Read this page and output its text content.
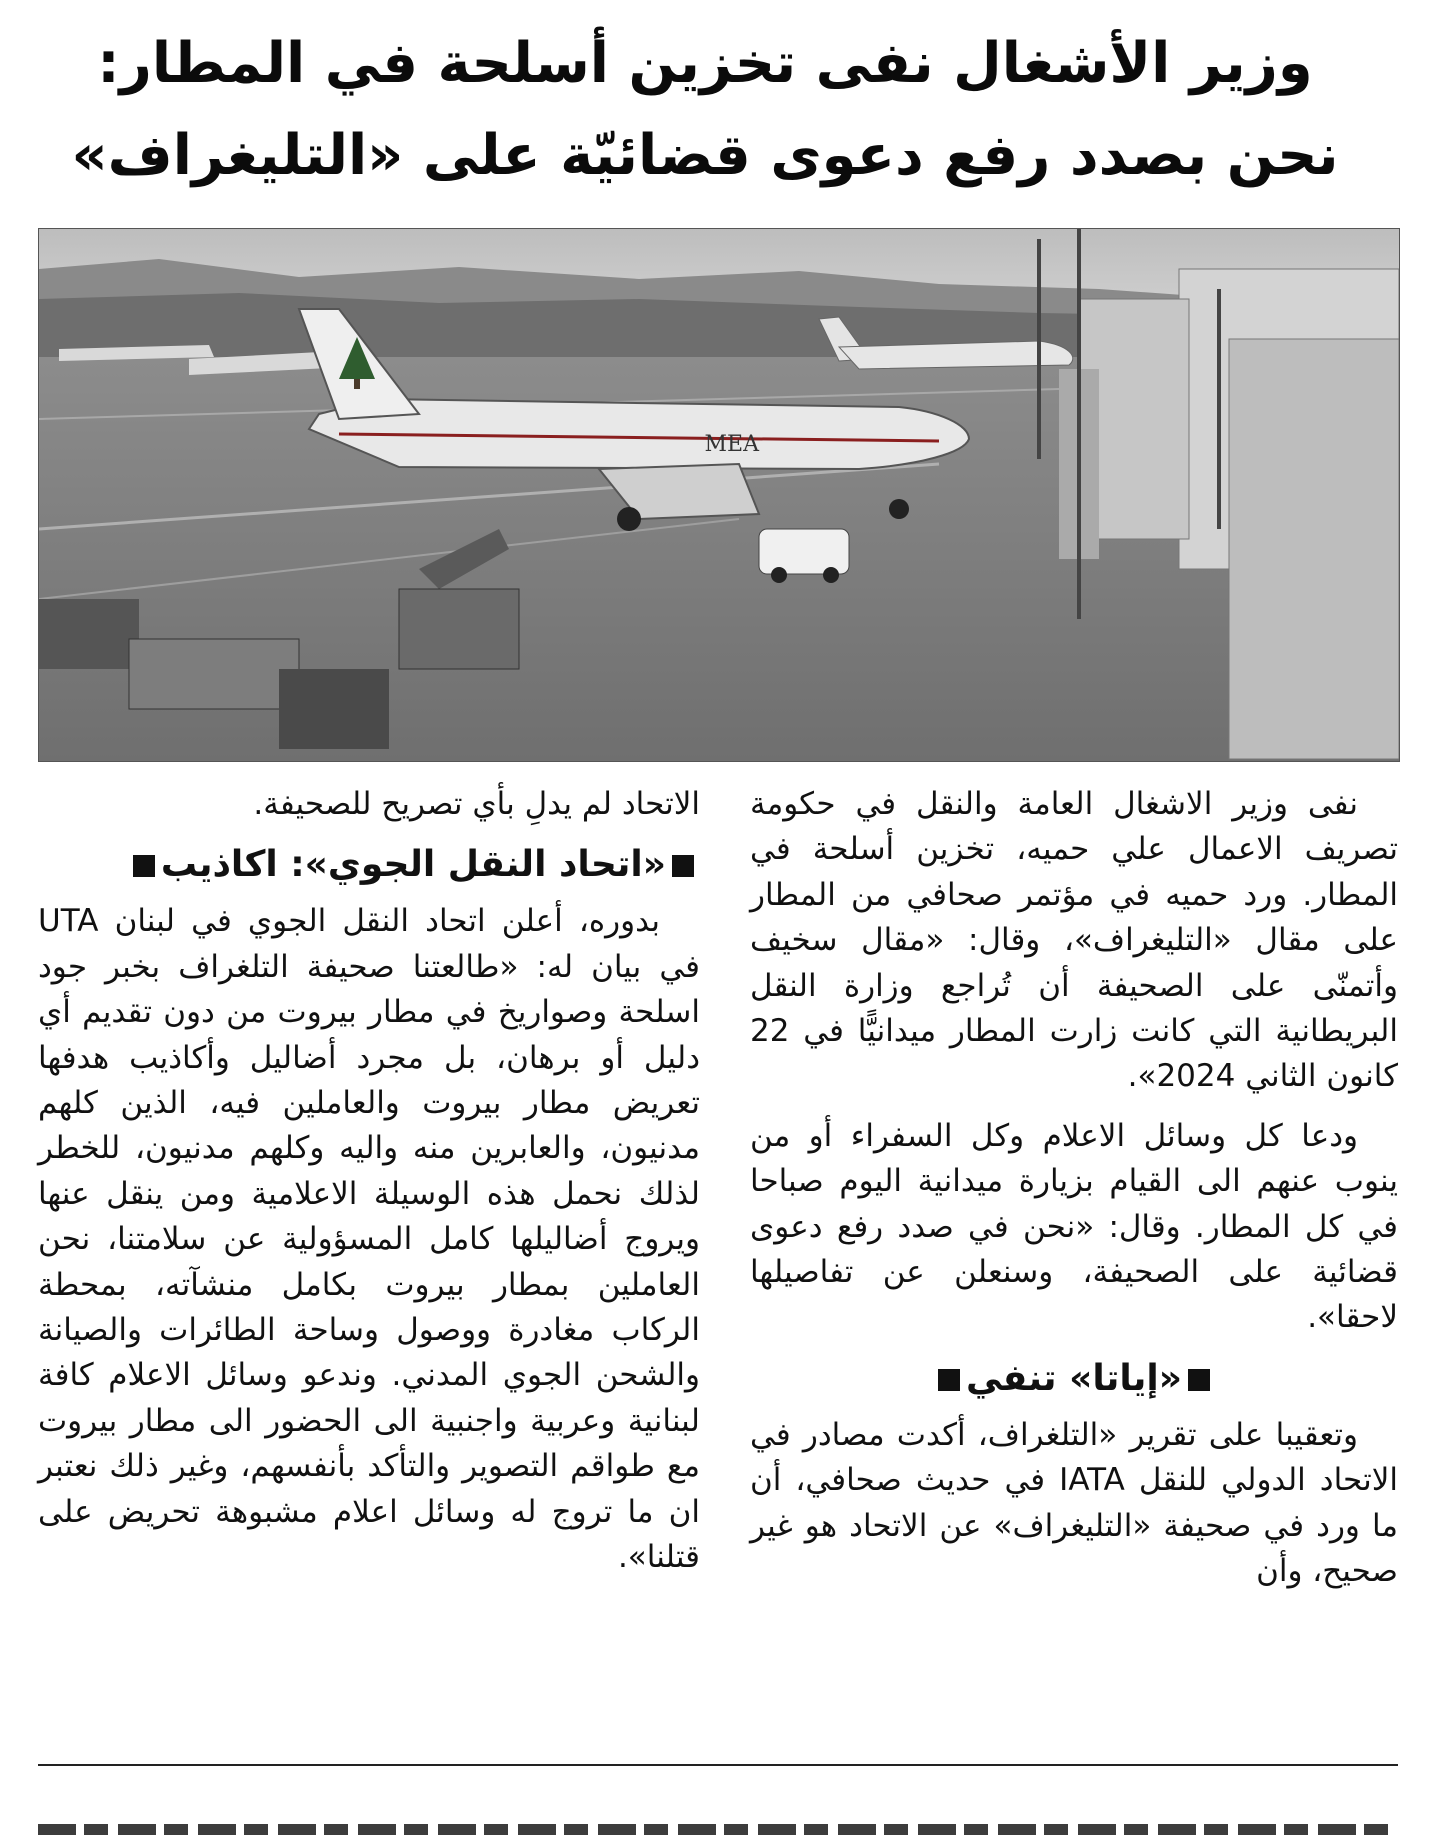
وزير الأشغال نفى تخزين أسلحة في المطار:
نحن بصدد رفع دعوى قضائيّة على «التليغراف»
MEA

نفى وزير الاشغال العامة والنقل في حكومة تصريف الاعمال علي حميه، تخزين أسلحة في المطار. ورد حميه في مؤتمر صحافي من المطار على مقال «التليغراف»، وقال: «مقال سخيف وأتمنّى على الصحيفة أن تُراجع وزارة النقل البريطانية التي كانت زارت المطار ميدانيًّا في 22 كانون الثاني 2024».

ودعا كل وسائل الاعلام وكل السفراء أو من ينوب عنهم الى القيام بزيارة ميدانية اليوم صباحا في كل المطار. وقال: «نحن في صدد رفع دعوى قضائية على الصحيفة، وسنعلن عن تفاصيلها لاحقا».

«إياتا» تنفي

وتعقيبا على تقرير «التلغراف، أكدت مصادر في الاتحاد الدولي للنقل IATA في حديث صحافي، أن ما ورد في صحيفة «التليغراف» عن الاتحاد هو غير صحيح، وأن

الاتحاد لم يدلِ بأي تصريح للصحيفة.

«اتحاد النقل الجوي»: اكاذيب

بدوره، أعلن اتحاد النقل الجوي في لبنان UTA في بيان له: «طالعتنا صحيفة التلغراف بخبر جود اسلحة وصواريخ في مطار بيروت من دون تقديم أي دليل أو برهان، بل مجرد أضاليل وأكاذيب هدفها تعريض مطار بيروت والعاملين فيه، الذين كلهم مدنيون، والعابرين منه واليه وكلهم مدنيون، للخطر لذلك نحمل هذه الوسيلة الاعلامية ومن ينقل عنها ويروج أضاليلها كامل المسؤولية عن سلامتنا، نحن العاملين بمطار بيروت بكامل منشآته، بمحطة الركاب مغادرة ووصول وساحة الطائرات والصيانة والشحن الجوي المدني. وندعو وسائل الاعلام كافة لبنانية وعربية واجنبية الى الحضور الى مطار بيروت مع طواقم التصوير والتأكد بأنفسهم، وغير ذلك نعتبر ان ما تروج له وسائل اعلام مشبوهة تحريض على قتلنا».
